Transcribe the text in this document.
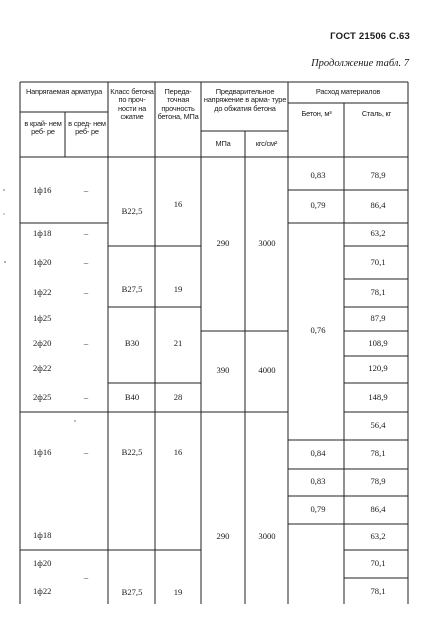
ГОСТ 21506 С.63
Продолжение табл. 7
Напрягаемая арматура
в край- нем реб- ре
в сред- нем реб- ре
Класс бетона по проч- ности на сжатие
Переда- точная прочность бетона, МПа
Предварительное напряжение в арма- туре до обжатия бетона
МПа	кгс/см²
Расход материалов
Бетон, м³	Сталь, кг
1ф16
1ф18
1ф20
1ф22
1ф25
2ф20
2ф22
2ф25
1ф16
1ф18
1ф20
1ф22
–
–
–
–
–
–
–
–
В22,5
В27,5
В30
В40
В22,5
В27,5
16
19
21
28
16
19
290
390
290
3000
4000
3000
0,83
0,79
0,76
0,84
0,83
0,79
78,9
86,4
63,2
70,1
78,1
87,9
108,9
120,9
148,9
56,4
78,1
78,9
86,4
63,2
70,1
78,1
